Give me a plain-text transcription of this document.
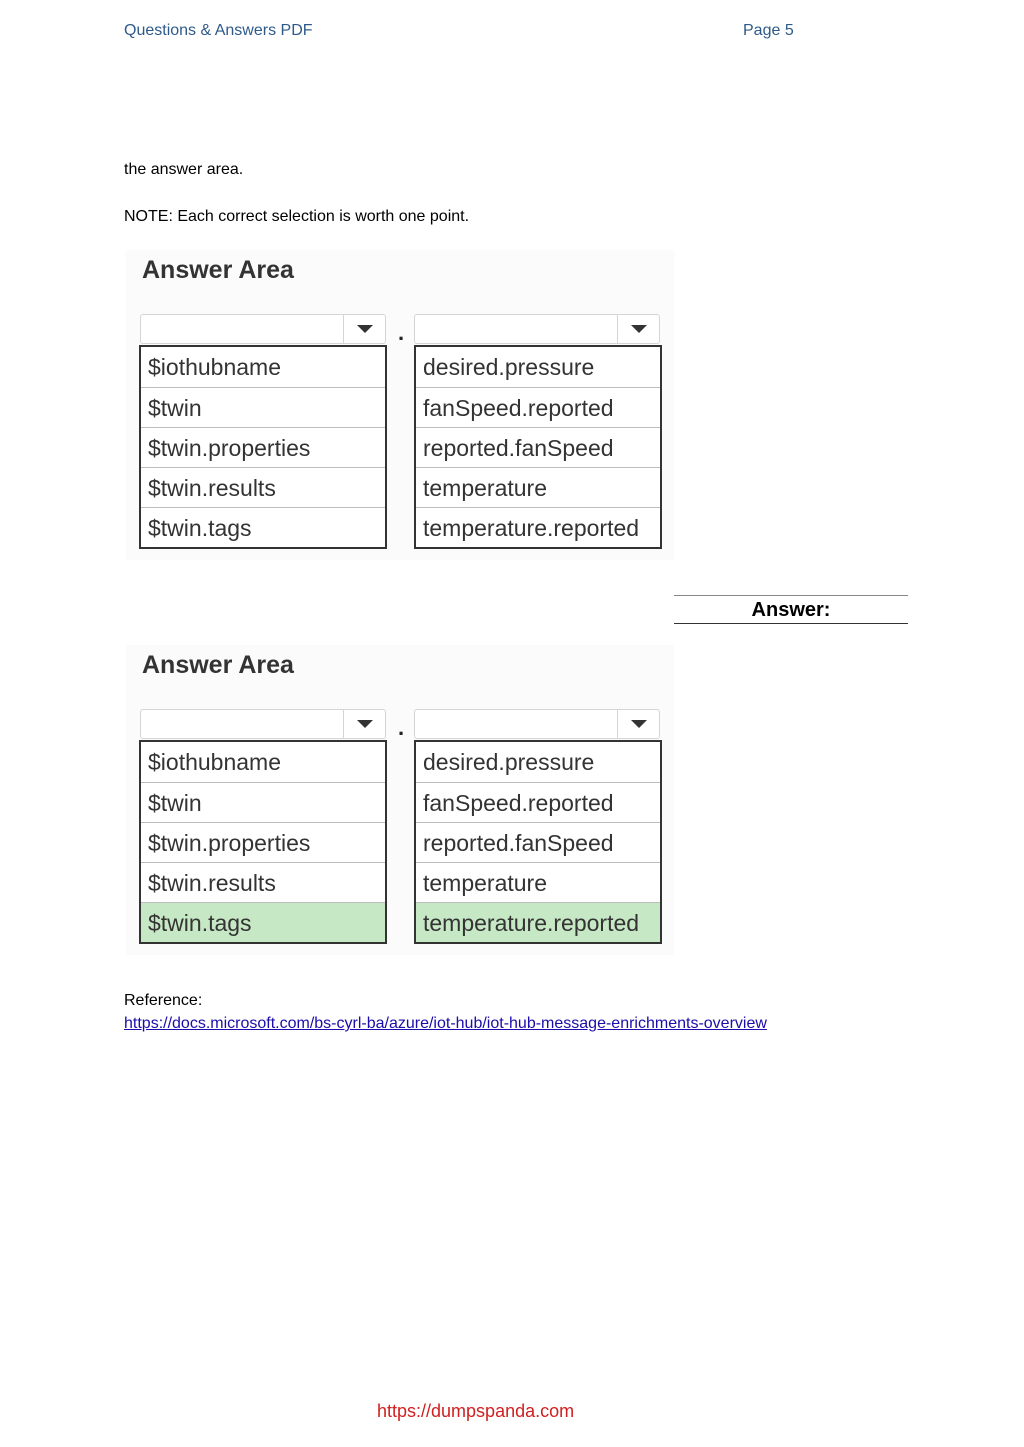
Questions & Answers PDF	Page 5
the answer area.
NOTE: Each correct selection is worth one point.
Answer Area
.
$iothubname
$twin
$twin.properties
$twin.results
$twin.tags
desired.pressure
fanSpeed.reported
reported.fanSpeed
temperature
temperature.reported
Answer:
Answer Area
.
$iothubname
$twin
$twin.properties
$twin.results
$twin.tags
desired.pressure
fanSpeed.reported
reported.fanSpeed
temperature
temperature.reported
Reference:
https://docs.microsoft.com/bs-cyrl-ba/azure/iot-hub/iot-hub-message-enrichments-overview
https://dumpspanda.com
